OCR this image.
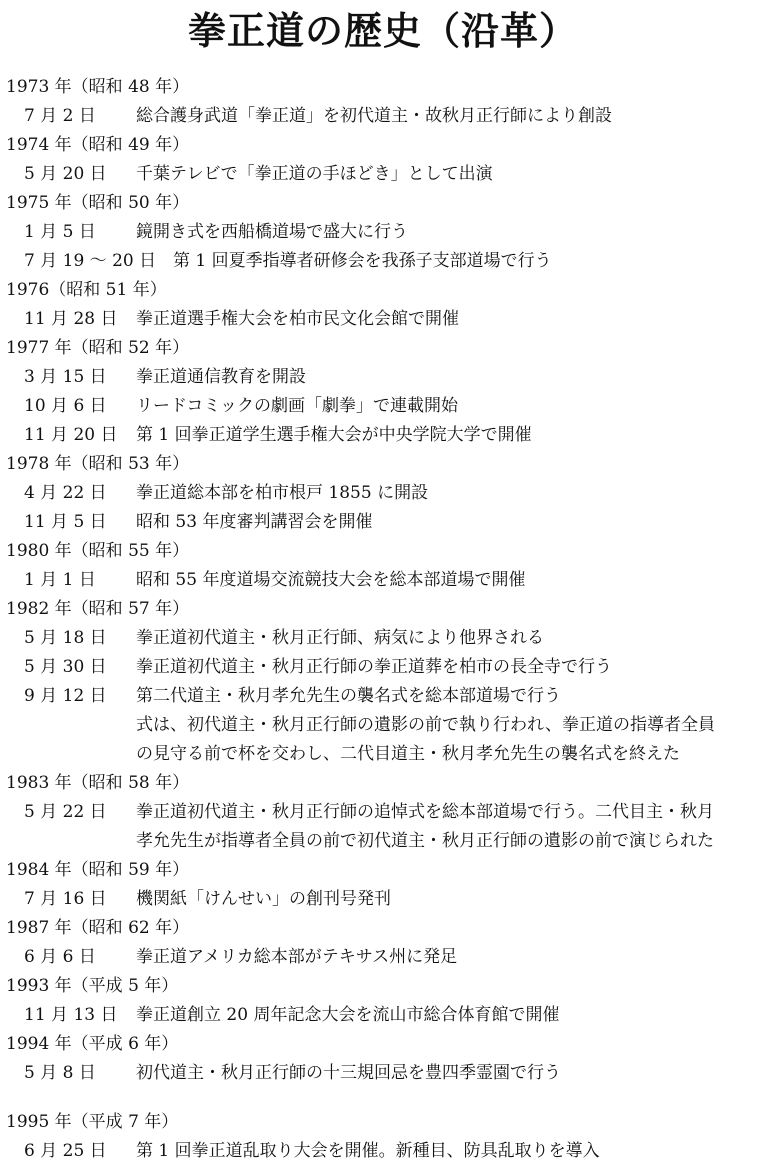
拳正道の歴史（沿革）
1973 年（昭和 48 年）
7 月 2 日 総合護身武道「拳正道」を初代道主・故秋月正行師により創設
1974 年（昭和 49 年）
5 月 20 日 千葉テレビで「拳正道の手ほどき」として出演
1975 年（昭和 50 年）
1 月 5 日 鏡開き式を西船橋道場で盛大に行う
7 月 19 〜 20 日 第 1 回夏季指導者研修会を我孫子支部道場で行う
1976（昭和 51 年）
11 月 28 日 拳正道選手権大会を柏市民文化会館で開催
1977 年（昭和 52 年）
3 月 15 日 拳正道通信教育を開設
10 月 6 日 リードコミックの劇画「劇拳」で連載開始
11 月 20 日 第 1 回拳正道学生選手権大会が中央学院大学で開催
1978 年（昭和 53 年）
4 月 22 日 拳正道総本部を柏市根戸 1855 に開設
11 月 5 日 昭和 53 年度審判講習会を開催
1980 年（昭和 55 年）
1 月 1 日 昭和 55 年度道場交流競技大会を総本部道場で開催
1982 年（昭和 57 年）
5 月 18 日 拳正道初代道主・秋月正行師、病気により他界される
5 月 30 日 拳正道初代道主・秋月正行師の拳正道葬を柏市の長全寺で行う
9 月 12 日 第二代道主・秋月孝允先生の襲名式を総本部道場で行う
式は、初代道主・秋月正行師の遺影の前で執り行われ、拳正道の指導者全員
の見守る前で杯を交わし、二代目道主・秋月孝允先生の襲名式を終えた
1983 年（昭和 58 年）
5 月 22 日 拳正道初代道主・秋月正行師の追悼式を総本部道場で行う。二代目主・秋月
孝允先生が指導者全員の前で初代道主・秋月正行師の遺影の前で演じられた
1984 年（昭和 59 年）
7 月 16 日 機関紙「けんせい」の創刊号発刊
1987 年（昭和 62 年）
6 月 6 日 拳正道アメリカ総本部がテキサス州に発足
1993 年（平成 5 年）
11 月 13 日 拳正道創立 20 周年記念大会を流山市総合体育館で開催
1994 年（平成 6 年）
5 月 8 日 初代道主・秋月正行師の十三規回忌を豊四季霊園で行う
1995 年（平成 7 年）
6 月 25 日 第 1 回拳正道乱取り大会を開催。新種目、防具乱取りを導入
